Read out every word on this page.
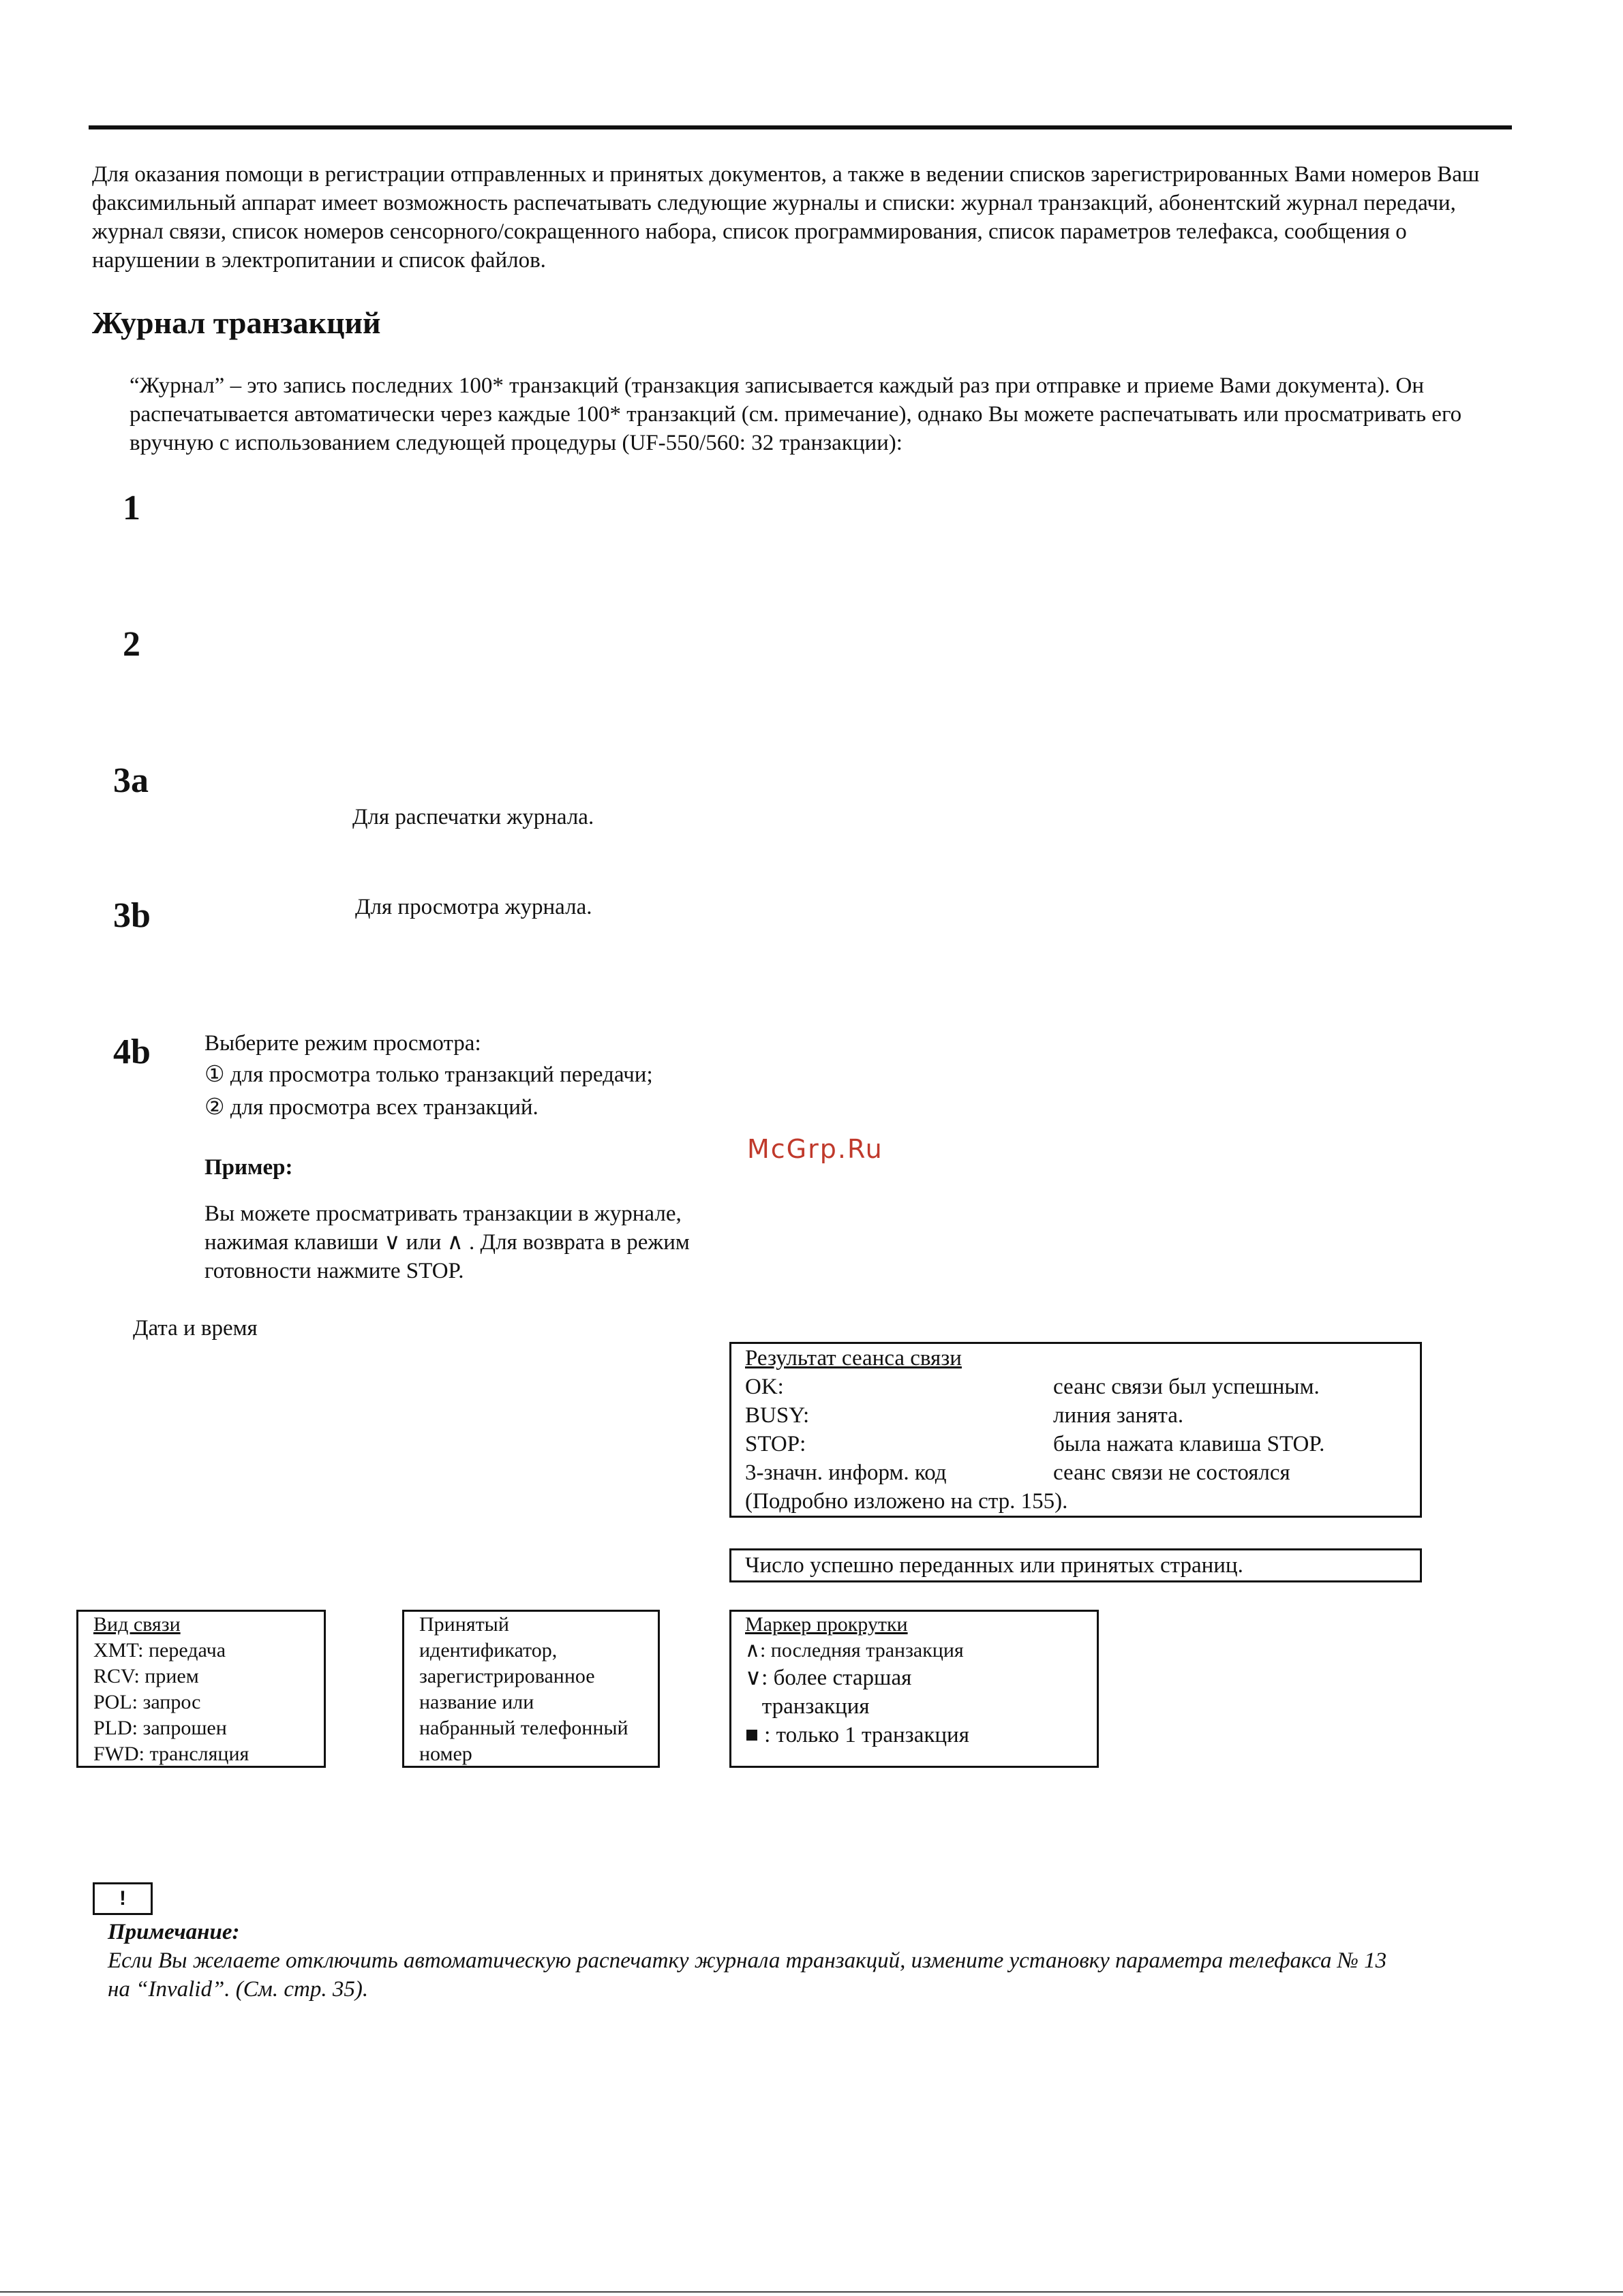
Для оказания помощи в регистрации отправленных и принятых документов, а также в ведении списков зарегистрированных Вами номеров Ваш факсимильный аппарат имеет возможность распечатывать следующие журналы и списки: журнал транзакций, абонентский журнал передачи, журнал связи, список номеров сенсорного/сокращенного набора, список программирования, список параметров телефакса, сообщения о нарушении в электропитании и список файлов.
Журнал транзакций
“Журнал” – это запись последних 100* транзакций (транзакция записывается каждый раз при отправке и приеме Вами документа). Он распечатывается автоматически через каждые 100* транзакций (см. примечание), однако Вы можете распечатывать или просматривать его вручную с использованием следующей процедуры (UF-550/560: 32 транзакции):
1
2
3a
Для распечатки журнала.
3b	Для просмотра журнала.
4b Выберите режим просмотра:
① для просмотра только транзакций передачи;
② для просмотра всех транзакций.
McGrp.Ru
Пример:
Вы можете просматривать транзакции в журнале,
нажимая клавиши ∨ или ∧ . Для возврата в режим
готовности нажмите STOP.
Дата и время
Результат сеанса связи
OK:	сеанс связи был успешным.
BUSY:	линия занята.
STOP:	была нажата клавиша STOP.
3-значн. информ. код	сеанс связи не состоялся
(Подробно изложено на стр. 155).
Число успешно переданных или принятых страниц.
Вид связи
XMT: передача
RCV: прием
POL: запрос
PLD: запрошен
FWD: трансляция
Принятый
идентификатор,
зарегистрированное
название или
набранный телефонный
номер
Маркер прокрутки
∧: последняя транзакция
∨: более старшая
транзакция
■ : только 1 транзакция
!
Примечание:
Если Вы желаете отключить автоматическую распечатку журнала транзакций, измените установку параметра телефакса № 13 на “Invalid”. (См. стр. 35).
